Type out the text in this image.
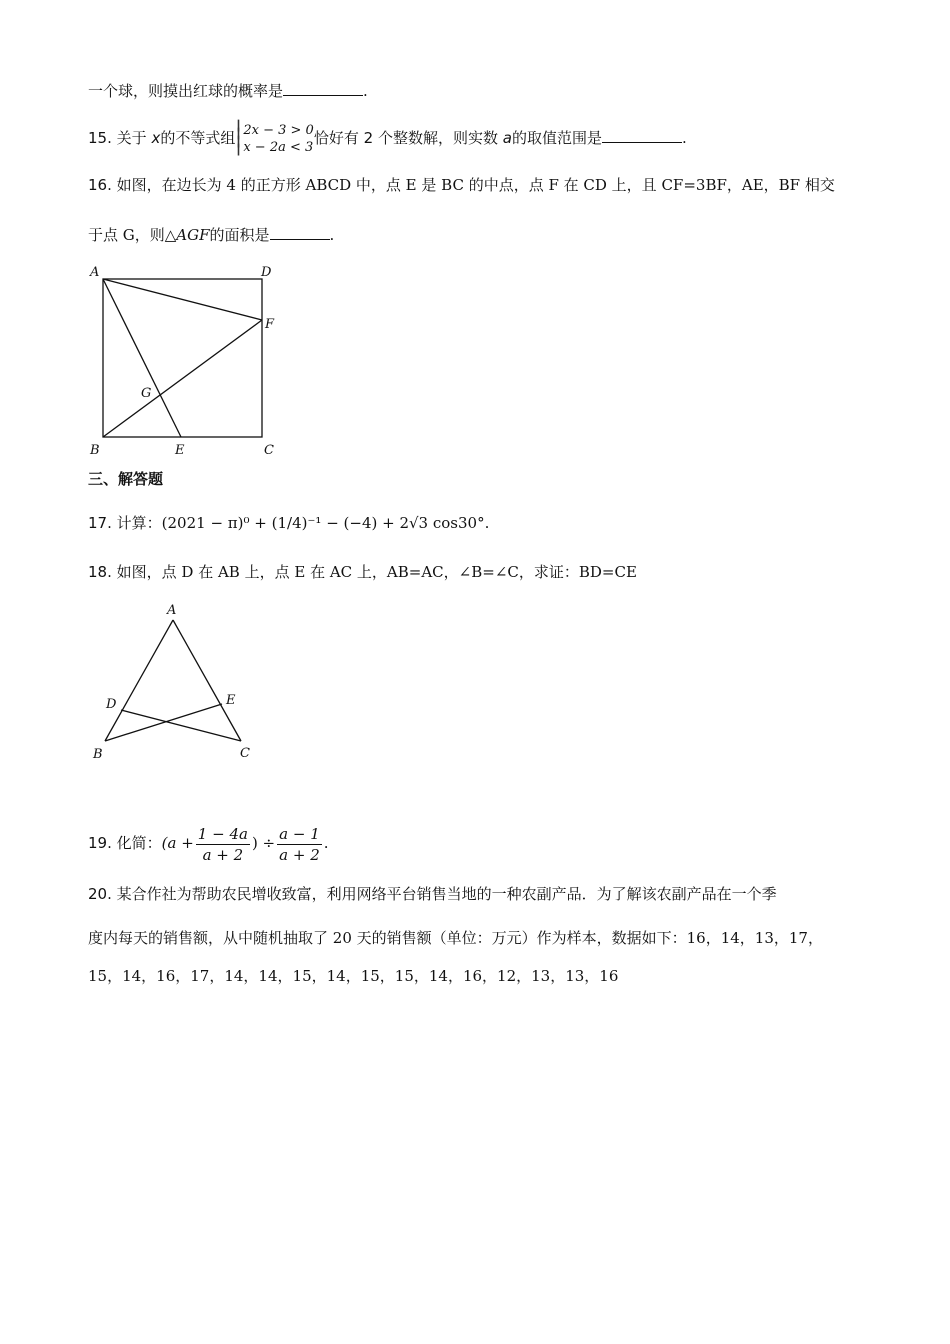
一个球，则摸出红球的概率是	.
15. 关于 x的不等式组
┃
┃
┃
┃
2x − 3 > 0
x − 2a < 3恰好有 2 个整数解，则实数 a的取值范围是	.
16. 如图，在边长为 4 的正方形 ABCD 中，点 E 是 BC 的中点，点 F 在 CD 上，且 CF=3BF，AE，BF 相交
于点 G，则△AGF的面积是	.
A	D
F
G
B	E	C
三、解答题
17. 计算：(2021 − π)⁰ + (1/4)⁻¹ − (−4) + 2√3 cos30°.
18. 如图，点 D 在 AB 上，点 E 在 AC 上，AB=AC，∠B=∠C，求证：BD=CE
A
D	E
B	C
19. 化简：($a + \frac{1 - 4a}{a + 2}$ ) ÷ $\frac{a - 1}{a + 2}$ .
20. 某合作社为帮助农民增收致富，利用网络平台销售当地的一种农副产品．为了解该农副产品在一个季
度内每天的销售额，从中随机抽取了 20 天的销售额（单位：万元）作为样本，数据如下：16，14，13，17，
15，14，16，17，14，14，15，14，15，15，14，16，12，13，13，16
